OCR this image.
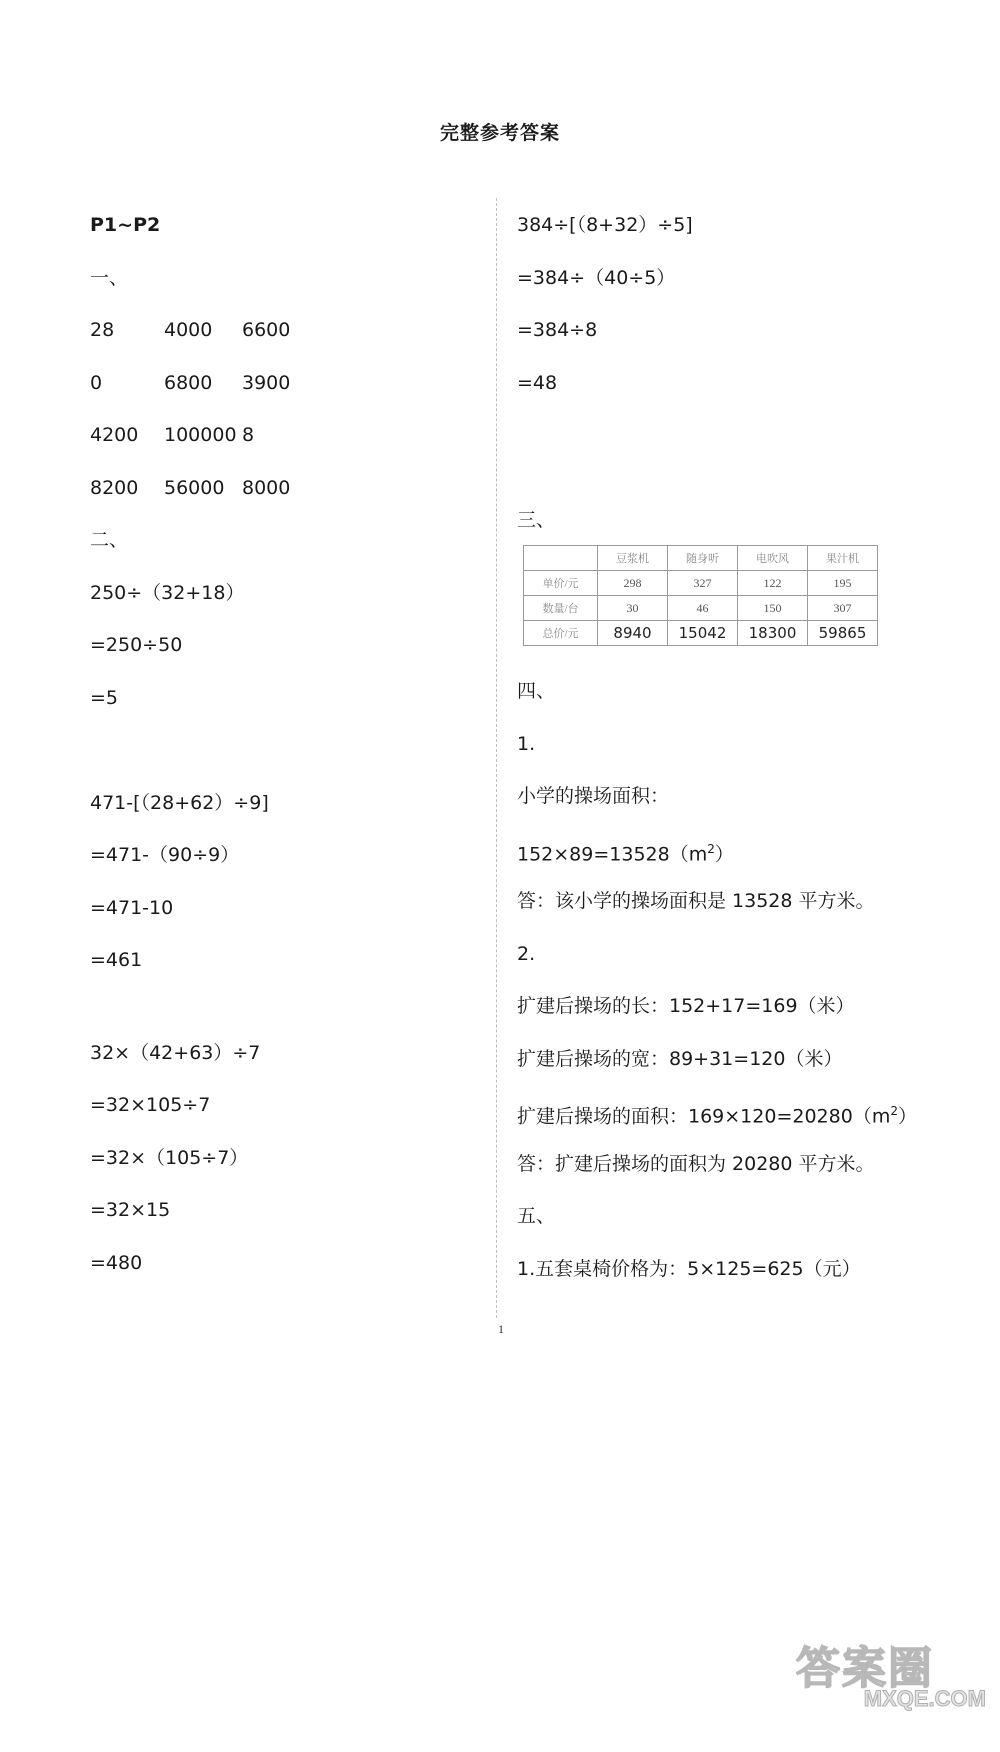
完整参考答案
P1~P2
一、
28	4000 6600
0	6800 3900
4200 100000 8
8200 56000 8000
二、
250÷（32+18）
=250÷50
=5
471-[（28+62）÷9]
=471-（90÷9）
=471-10
=461
32×（42+63）÷7
=32×105÷7
=32×（105÷7）
=32×15
=480
384÷[（8+32）÷5]
=384÷（40÷5）
=384÷8
=48
三、
	豆浆机	随身听	电吹风	果汁机
单价/元	298	327	122	195
数量/台	30	46	150	307
总价/元	8940	15042	18300	59865
四、
1.
小学的操场面积：
$152\times 89=13528(m^2)$
答：该小学的操场面积是 13528 平方米。
2.
扩建后操场的长：152+17=169（米）
扩建后操场的宽：89+31=120（米）
扩建后操场的面积：$169\times 120=20280(m^2)$
答：扩建后操场的面积为 20280 平方米。
五、
1.五套桌椅价格为：5×125=625（元）
1
答案圈
MXQE.COM
